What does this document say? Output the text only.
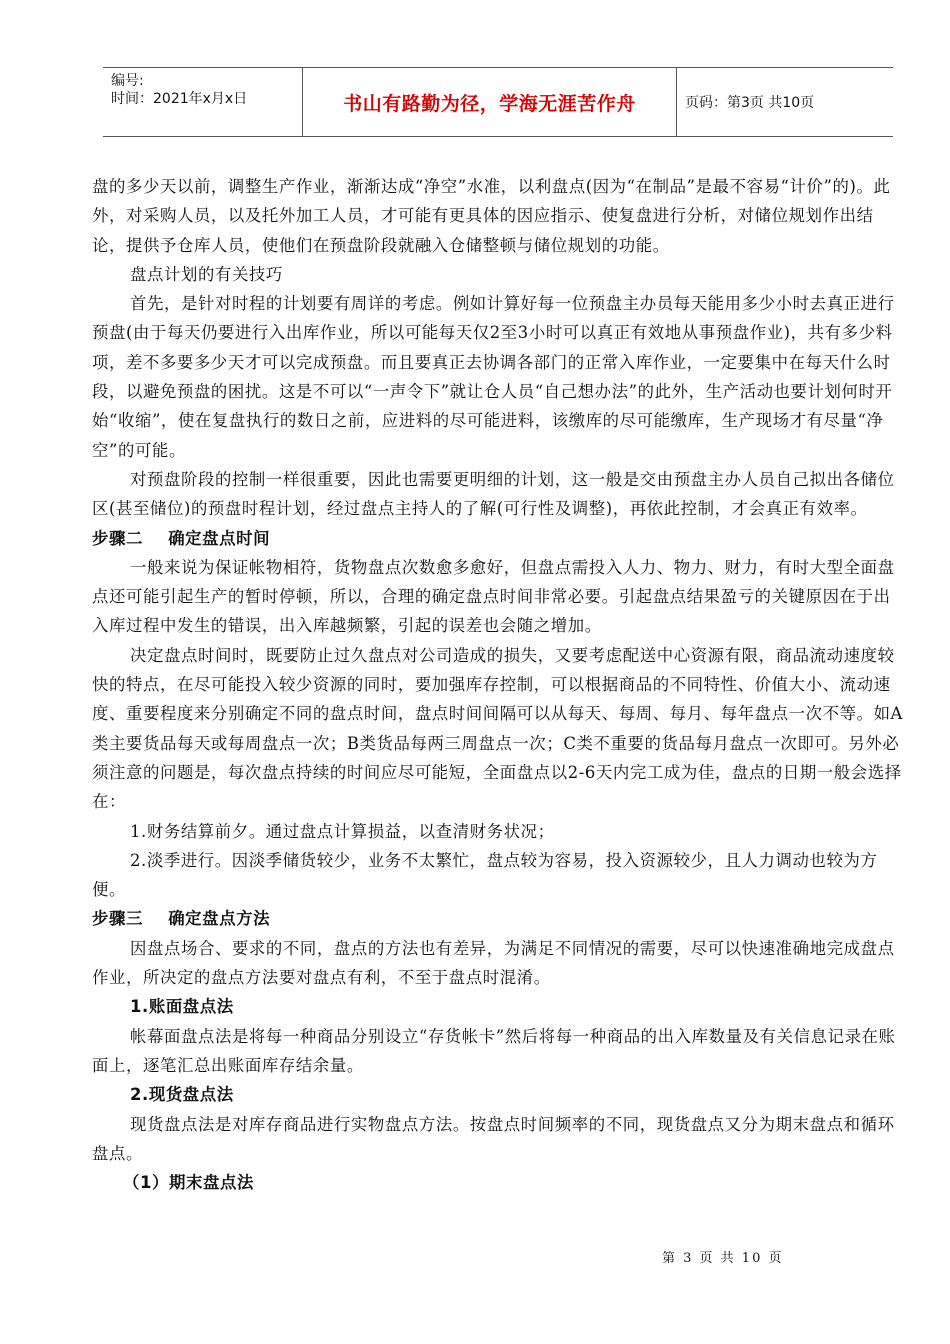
编号:
时间：2021年x月x日	书山有路勤为径，学海无涯苦作舟	页码：第3页 共10页

盘的多少天以前，调整生产作业，渐渐达成“净空”水准，以利盘点(因为“在制品”是最不容易“计价”的)。此外，对采购人员，以及托外加工人员，才可能有更具体的因应指示、使复盘进行分析，对储位规划作出结论，提供予仓库人员，使他们在预盘阶段就融入仓储整顿与储位规划的功能。

盘点计划的有关技巧

首先，是针对时程的计划要有周详的考虑。例如计算好每一位预盘主办员每天能用多少小时去真正进行预盘(由于每天仍要进行入出库作业，所以可能每天仅2至3小时可以真正有效地从事预盘作业)，共有多少料项，差不多要多少天才可以完成预盘。而且要真正去协调各部门的正常入库作业，一定要集中在每天什么时段，以避免预盘的困扰。这是不可以“一声令下”就让仓人员“自己想办法”的此外，生产活动也要计划何时开始“收缩”，使在复盘执行的数日之前，应进料的尽可能进料，该缴库的尽可能缴库，生产现场才有尽量“净空”的可能。

对预盘阶段的控制一样很重要，因此也需要更明细的计划，这一般是交由预盘主办人员自己拟出各储位区(甚至储位)的预盘时程计划，经过盘点主持人的了解(可行性及调整)，再依此控制，才会真正有效率。

步骤二    确定盘点时间

一般来说为保证帐物相符，货物盘点次数愈多愈好，但盘点需投入人力、物力、财力，有时大型全面盘点还可能引起生产的暂时停顿，所以，合理的确定盘点时间非常必要。引起盘点结果盈亏的关键原因在于出入库过程中发生的错误，出入库越频繁，引起的误差也会随之增加。

决定盘点时间时，既要防止过久盘点对公司造成的损失，又要考虑配送中心资源有限，商品流动速度较快的特点，在尽可能投入较少资源的同时，要加强库存控制，可以根据商品的不同特性、价值大小、流动速度、重要程度来分别确定不同的盘点时间，盘点时间间隔可以从每天、每周、每月、每年盘点一次不等。如A类主要货品每天或每周盘点一次；B类货品每两三周盘点一次；C类不重要的货品每月盘点一次即可。另外必须注意的问题是，每次盘点持续的时间应尽可能短，全面盘点以2-6天内完工成为佳，盘点的日期一般会选择在：

1.财务结算前夕。通过盘点计算损益，以查清财务状况；

2.淡季进行。因淡季储货较少，业务不太繁忙，盘点较为容易，投入资源较少，且人力调动也较为方便。

步骤三    确定盘点方法

因盘点场合、要求的不同，盘点的方法也有差异，为满足不同情况的需要，尽可以快速准确地完成盘点作业，所决定的盘点方法要对盘点有利，不至于盘点时混淆。

1.账面盘点法

帐幕面盘点法是将每一种商品分别设立“存货帐卡”然后将每一种商品的出入库数量及有关信息记录在账面上，逐笔汇总出账面库存结余量。

2.现货盘点法

现货盘点法是对库存商品进行实物盘点方法。按盘点时间频率的不同，现货盘点又分为期末盘点和循环盘点。

（1）期末盘点法

第 3 页 共 10 页
